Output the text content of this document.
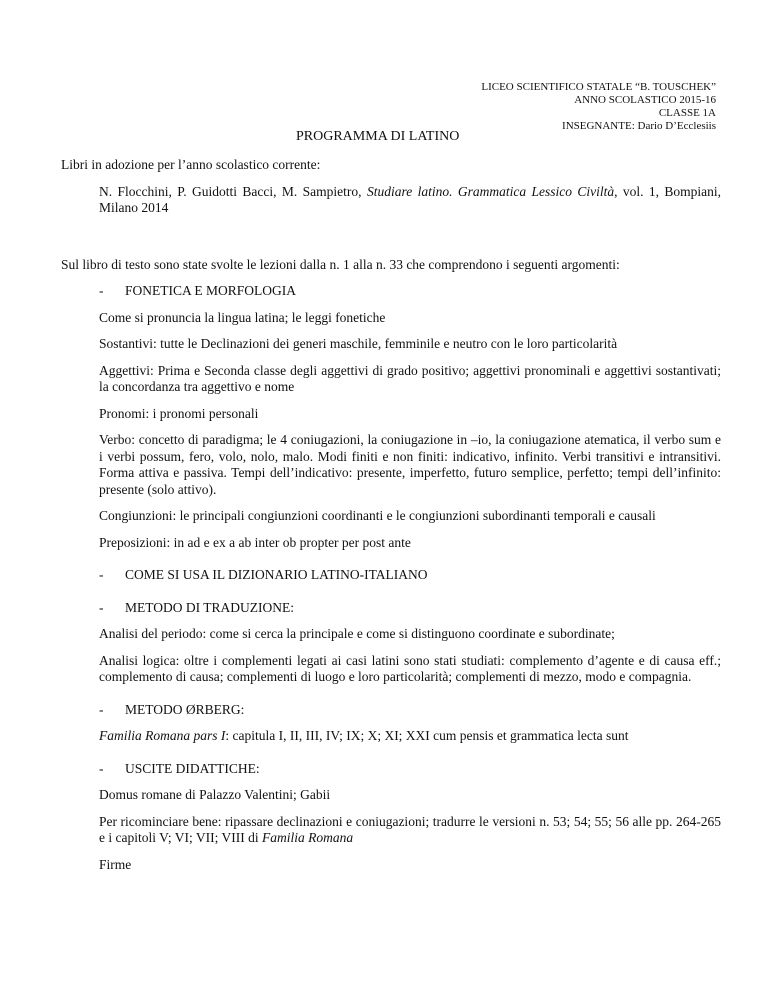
LICEO SCIENTIFICO STATALE “B. TOUSCHEK”
ANNO SCOLASTICO 2015-16
CLASSE 1A
INSEGNANTE: Dario D’Ecclesiis
PROGRAMMA DI LATINO

Libri in adozione per l’anno scolastico corrente:

N. Flocchini, P. Guidotti Bacci, M. Sampietro, Studiare latino. Grammatica Lessico Civiltà, vol. 1, Bompiani, Milano 2014

Sul libro di testo sono state svolte le lezioni dalla n. 1 alla n. 33 che comprendono i seguenti argomenti:

-	FONETICA E MORFOLOGIA

Come si pronuncia la lingua latina; le leggi fonetiche

Sostantivi: tutte le Declinazioni dei generi maschile, femminile e neutro con le loro particolarità

Aggettivi: Prima e Seconda classe degli aggettivi di grado positivo; aggettivi pronominali e aggettivi sostantivati; la concordanza tra aggettivo e nome

Pronomi: i pronomi personali

Verbo: concetto di paradigma; le 4 coniugazioni, la coniugazione in –io, la coniugazione atematica, il verbo sum e i verbi possum, fero, volo, nolo, malo. Modi finiti e non finiti: indicativo, infinito. Verbi transitivi e intransitivi. Forma attiva e passiva. Tempi dell’indicativo: presente, imperfetto, futuro semplice, perfetto; tempi dell’infinito: presente (solo attivo).

Congiunzioni: le principali congiunzioni coordinanti e le congiunzioni subordinanti temporali e causali

Preposizioni: in ad e ex a ab inter ob propter per post ante

-	COME SI USA IL DIZIONARIO LATINO-ITALIANO

-	METODO DI TRADUZIONE:

Analisi del periodo: come si cerca la principale e come si distinguono coordinate e subordinate;

Analisi logica: oltre i complementi legati ai casi latini sono stati studiati: complemento d’agente e di causa eff.; complemento di causa; complementi di luogo e loro particolarità; complementi di mezzo, modo e compagnia.

-	METODO ØRBERG:

Familia Romana pars I: capitula I, II, III, IV; IX; X; XI; XXI cum pensis et grammatica lecta sunt

-	USCITE DIDATTICHE:

Domus romane di Palazzo Valentini; Gabii

Per ricominciare bene: ripassare declinazioni e coniugazioni; tradurre le versioni n. 53; 54; 55; 56 alle pp. 264-265 e i capitoli V; VI; VII; VIII di Familia Romana

Firme
